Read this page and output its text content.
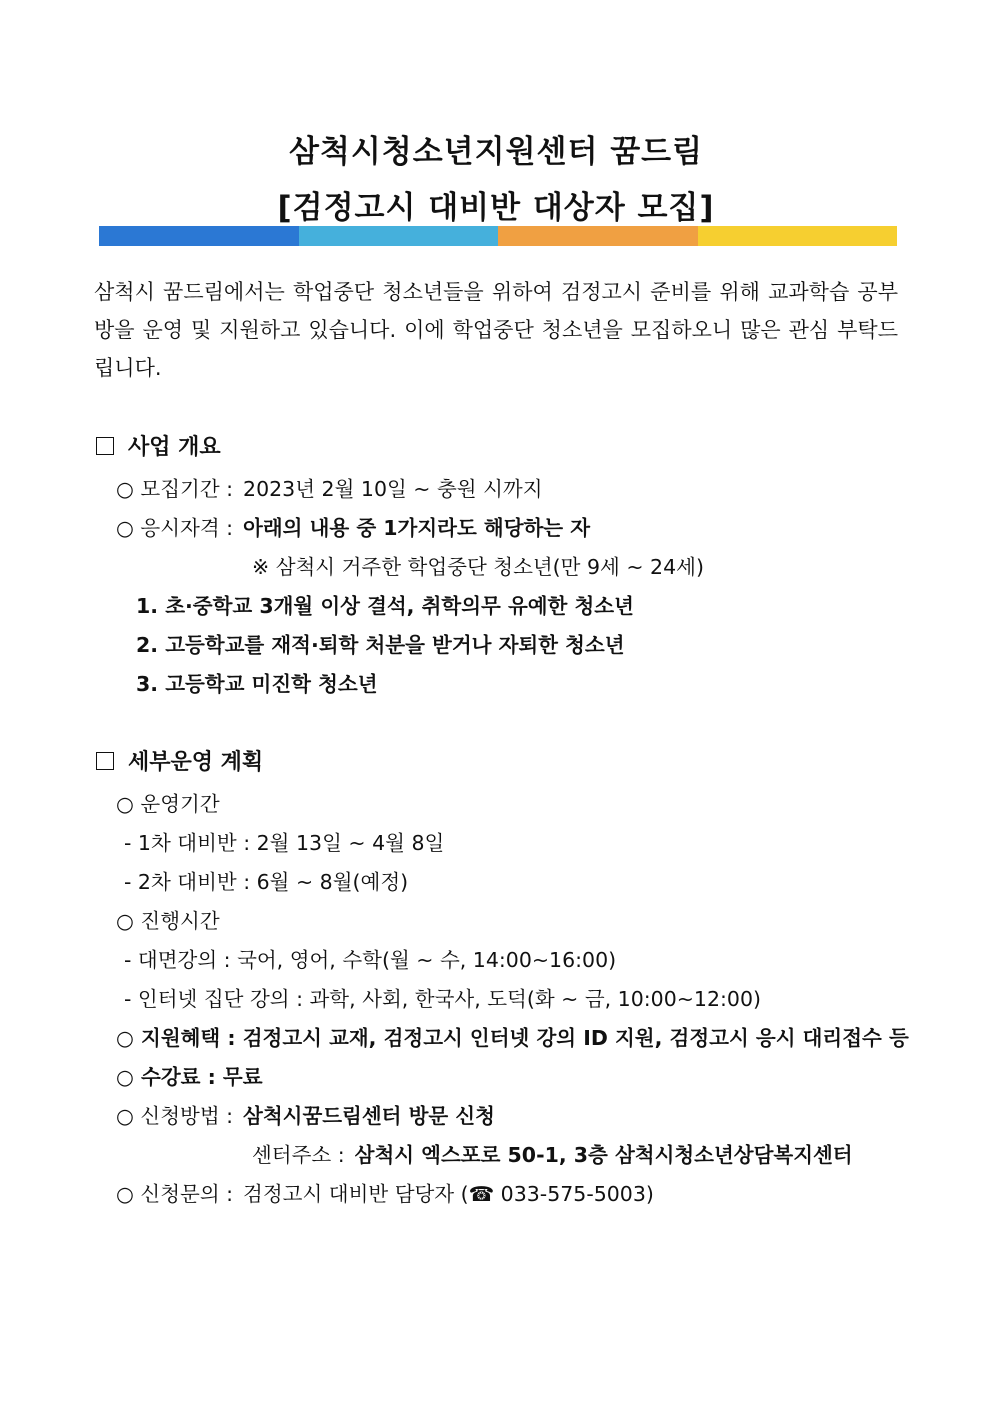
삼척시청소년지원센터 꿈드림
[검정고시 대비반 대상자 모집]
삼척시 꿈드림에서는 학업중단 청소년들을 위하여 검정고시 준비를 위해 교과학습 공부방을 운영 및 지원하고 있습니다. 이에 학업중단 청소년을 모집하오니 많은 관심 부탁드립니다.
사업 개요
○ 모집기간 : 2023년 2월 10일 ~ 충원 시까지
○ 응시자격 : 아래의 내용 중 1가지라도 해당하는 자
※ 삼척시 거주한 학업중단 청소년(만 9세 ~ 24세)
1. 초·중학교 3개월 이상 결석, 취학의무 유예한 청소년
2. 고등학교를 재적·퇴학 처분을 받거나 자퇴한 청소년
3. 고등학교 미진학 청소년
세부운영 계획
○ 운영기간
- 1차 대비반 : 2월 13일 ~ 4월 8일
- 2차 대비반 : 6월 ~ 8월(예정)
○ 진행시간
- 대면강의 : 국어, 영어, 수학(월 ~ 수, 14:00~16:00)
- 인터넷 집단 강의 : 과학, 사회, 한국사, 도덕(화 ~ 금, 10:00~12:00)
○ 지원혜택 : 검정고시 교재, 검정고시 인터넷 강의 ID 지원, 검정고시 응시 대리접수 등
○ 수강료 : 무료
○ 신청방법 : 삼척시꿈드림센터 방문 신청
센터주소 : 삼척시 엑스포로 50-1, 3층 삼척시청소년상담복지센터
○ 신청문의 : 검정고시 대비반 담당자 (☎ 033-575-5003)
